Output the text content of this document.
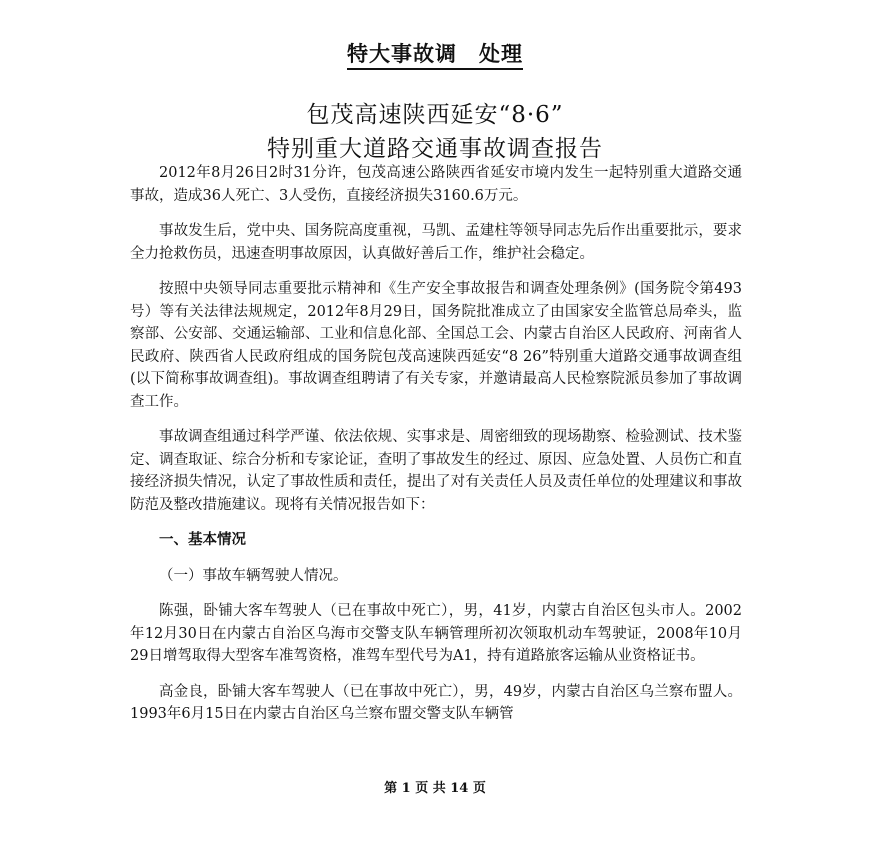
特大事故调　处理
包茂高速陕西延安“8·6”
特别重大道路交通事故调查报告

2012年8月26日2时31分许，包茂高速公路陕西省延安市境内发生一起特别重大道路交通事故，造成36人死亡、3人受伤，直接经济损失3160.6万元。

事故发生后，党中央、国务院高度重视，马凯、孟建柱等领导同志先后作出重要批示，要求全力抢救伤员，迅速查明事故原因，认真做好善后工作，维护社会稳定。

按照中央领导同志重要批示精神和《生产安全事故报告和调查处理条例》(国务院令第493号）等有关法律法规规定，2012年8月29日，国务院批准成立了由国家安全监管总局牵头，监察部、公安部、交通运输部、工业和信息化部、全国总工会、内蒙古自治区人民政府、河南省人民政府、陕西省人民政府组成的国务院包茂高速陕西延安“8 26”特别重大道路交通事故调查组(以下简称事故调查组)。事故调查组聘请了有关专家，并邀请最高人民检察院派员参加了事故调查工作。

事故调查组通过科学严谨、依法依规、实事求是、周密细致的现场勘察、检验测试、技术鉴定、调查取证、综合分析和专家论证，查明了事故发生的经过、原因、应急处置、人员伤亡和直接经济损失情况，认定了事故性质和责任，提出了对有关责任人员及责任单位的处理建议和事故防范及整改措施建议。现将有关情况报告如下：

一、基本情况

（一）事故车辆驾驶人情况。

陈强，卧铺大客车驾驶人（已在事故中死亡），男，41岁，内蒙古自治区包头市人。2002年12月30日在内蒙古自治区乌海市交警支队车辆管理所初次领取机动车驾驶证，2008年10月29日增驾取得大型客车准驾资格，准驾车型代号为A1，持有道路旅客运输从业资格证书。

高金良，卧铺大客车驾驶人（已在事故中死亡），男，49岁，内蒙古自治区乌兰察布盟人。1993年6月15日在内蒙古自治区乌兰察布盟交警支队车辆管

第 1 页 共 14 页
